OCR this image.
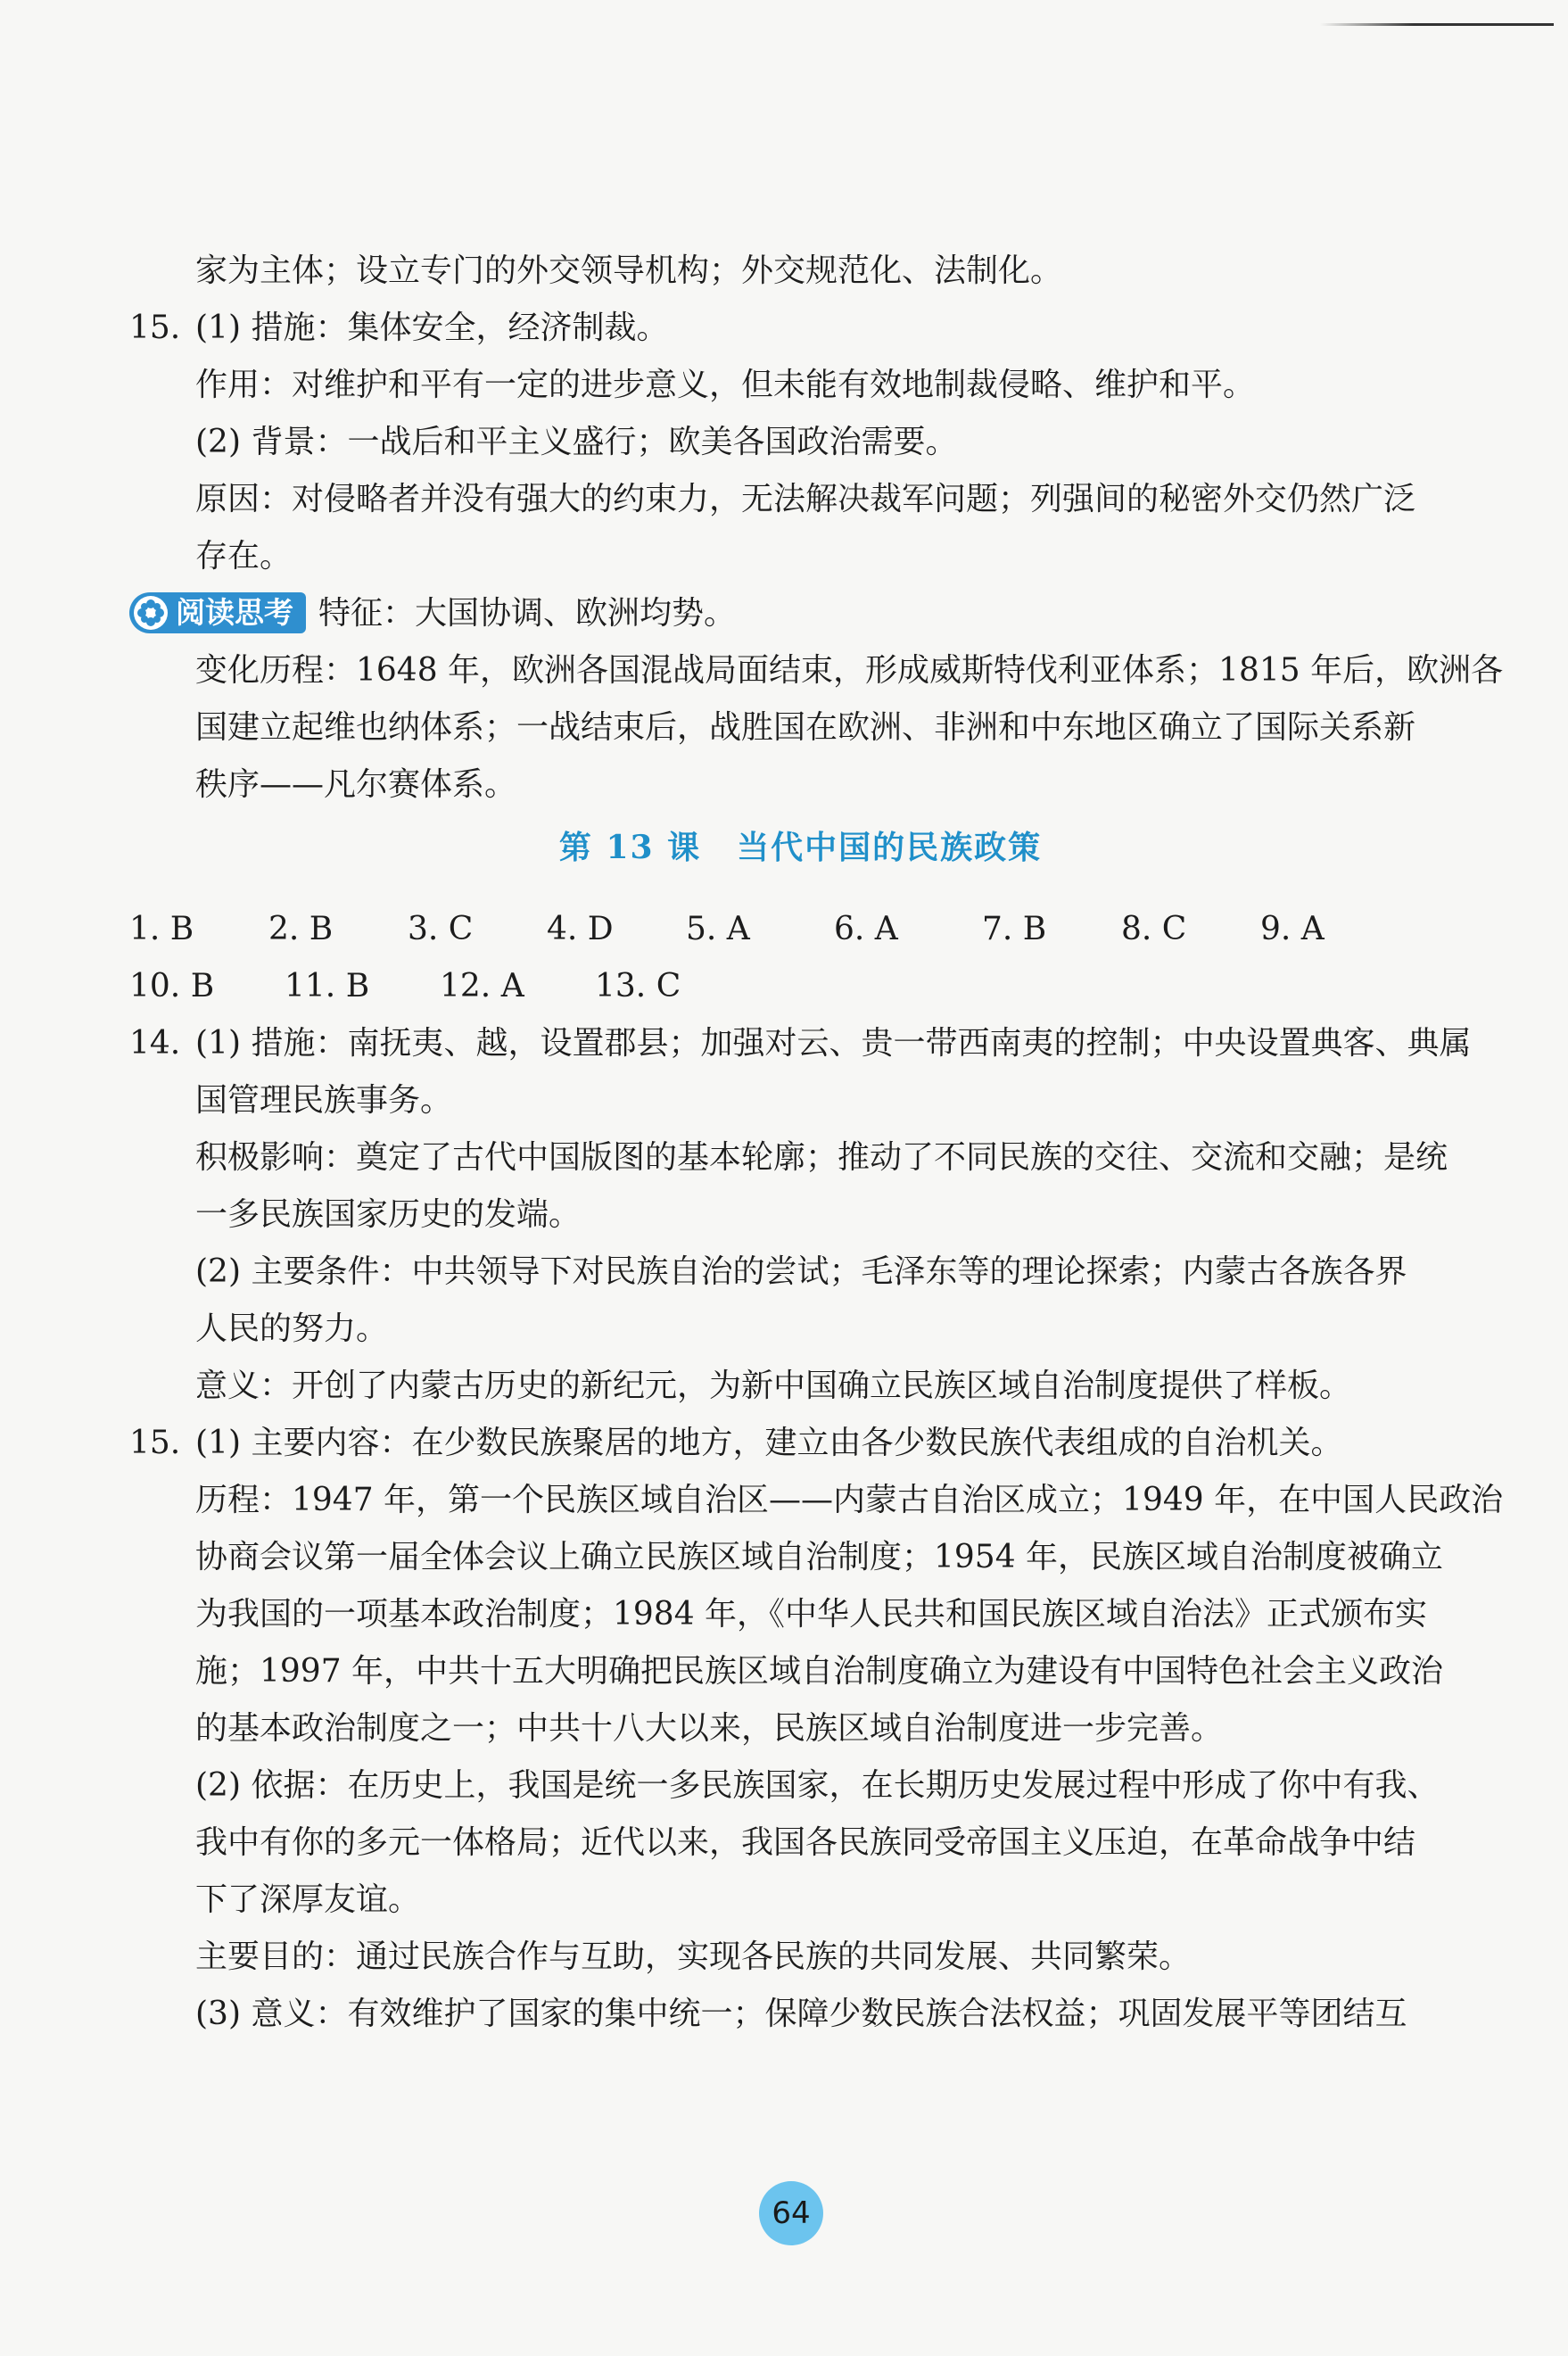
家为主体；设立专门的外交领导机构；外交规范化、法制化。
15. (1) 措施：集体安全，经济制裁。
作用：对维护和平有一定的进步意义，但未能有效地制裁侵略、维护和平。
(2) 背景：一战后和平主义盛行；欧美各国政治需要。
原因：对侵略者并没有强大的约束力，无法解决裁军问题；列强间的秘密外交仍然广泛
存在。
阅读思考 特征：大国协调、欧洲均势。
变化历程：1648 年，欧洲各国混战局面结束，形成威斯特伐利亚体系；1815 年后，欧洲各
国建立起维也纳体系；一战结束后，战胜国在欧洲、非洲和中东地区确立了国际关系新
秩序——凡尔赛体系。
第 13 课 当代中国的民族政策
1. B 2. B 3. C 4. D 5. A	6. A	7. B 8. C 9. A
10. B 11. B 12. A 13. C
14. (1) 措施：南抚夷、越，设置郡县；加强对云、贵一带西南夷的控制；中央设置典客、典属
国管理民族事务。
积极影响：奠定了古代中国版图的基本轮廓；推动了不同民族的交往、交流和交融；是统
一多民族国家历史的发端。
(2) 主要条件：中共领导下对民族自治的尝试；毛泽东等的理论探索；内蒙古各族各界
人民的努力。
意义：开创了内蒙古历史的新纪元，为新中国确立民族区域自治制度提供了样板。
15. (1) 主要内容：在少数民族聚居的地方，建立由各少数民族代表组成的自治机关。
历程：1947 年，第一个民族区域自治区——内蒙古自治区成立；1949 年，在中国人民政治
协商会议第一届全体会议上确立民族区域自治制度；1954 年，民族区域自治制度被确立
为我国的一项基本政治制度；1984 年，《中华人民共和国民族区域自治法》正式颁布实
施；1997 年，中共十五大明确把民族区域自治制度确立为建设有中国特色社会主义政治
的基本政治制度之一；中共十八大以来，民族区域自治制度进一步完善。
(2) 依据：在历史上，我国是统一多民族国家，在长期历史发展过程中形成了你中有我、
我中有你的多元一体格局；近代以来，我国各民族同受帝国主义压迫，在革命战争中结
下了深厚友谊。
主要目的：通过民族合作与互助，实现各民族的共同发展、共同繁荣。
(3) 意义：有效维护了国家的集中统一；保障少数民族合法权益；巩固发展平等团结互
64
